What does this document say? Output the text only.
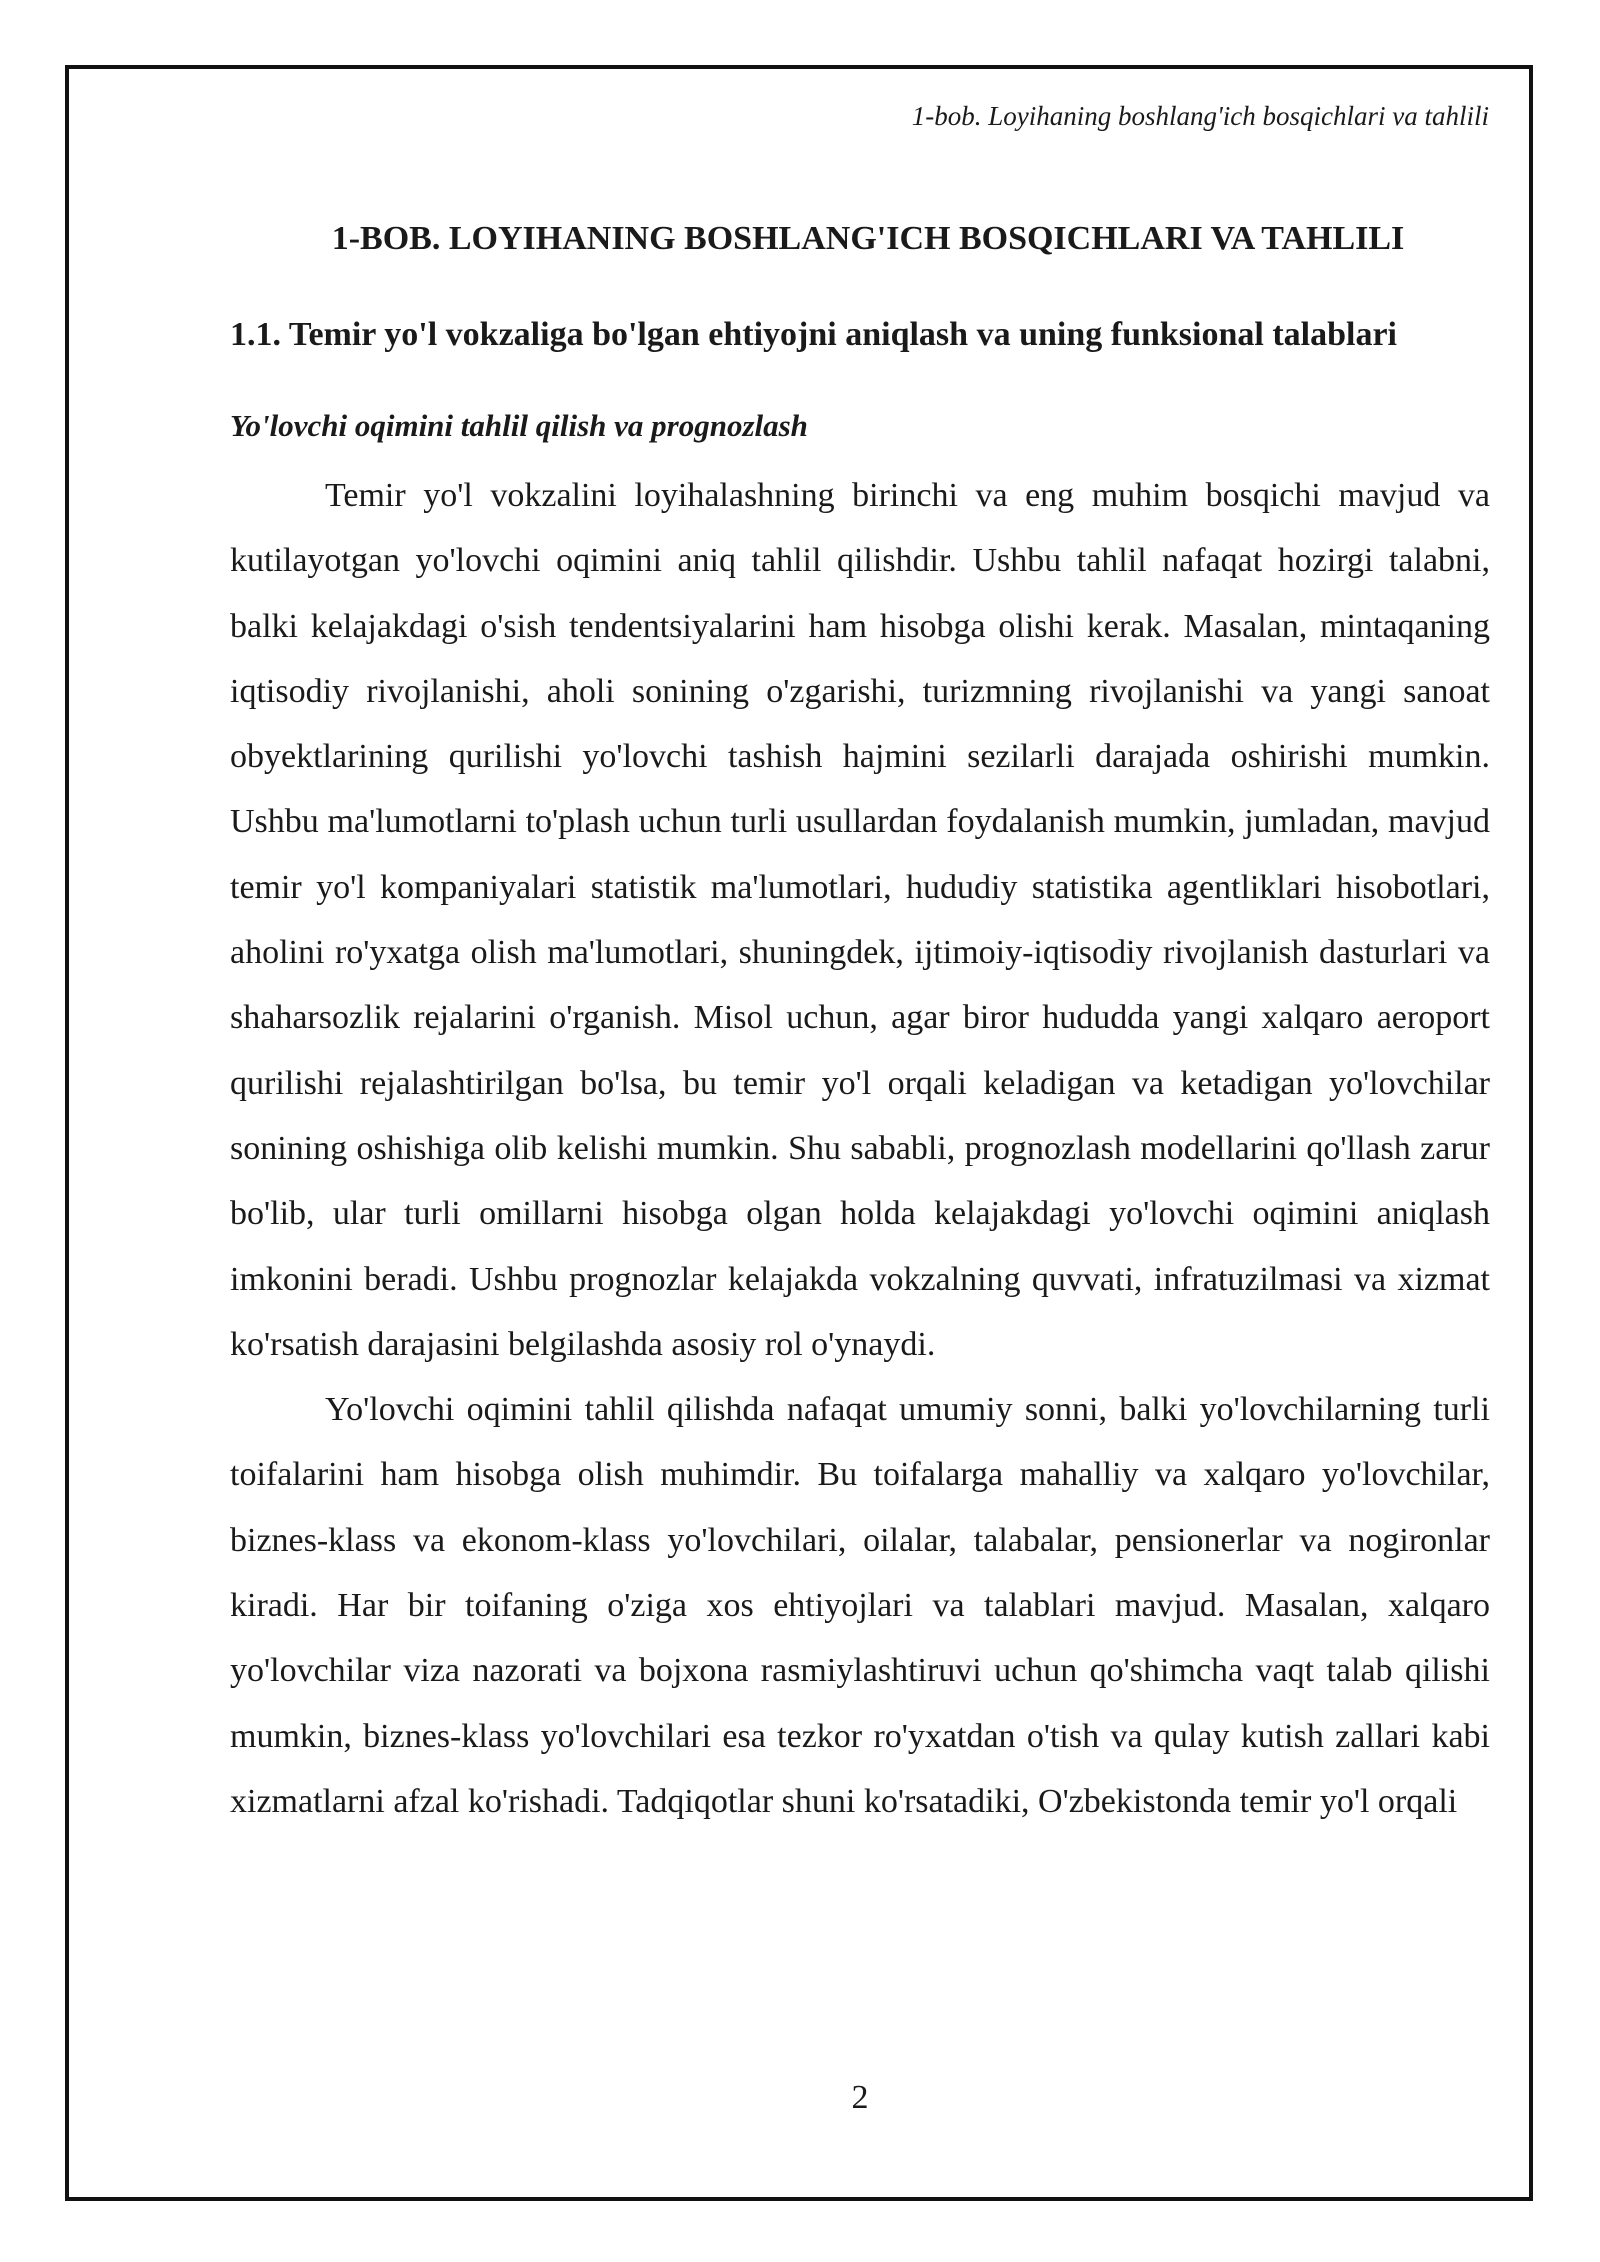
1-bob. Loyihaning boshlang'ich bosqichlari va tahlili
1-BOB. LOYIHANING BOSHLANG'ICH BOSQICHLARI VA TAHLILI
1.1. Temir yo'l vokzaliga bo'lgan ehtiyojni aniqlash va uning funksional talablari
Yo'lovchi oqimini tahlil qilish va prognozlash

Temir yo'l vokzalini loyihalashning birinchi va eng muhim bosqichi mavjud va kutilayotgan yo'lovchi oqimini aniq tahlil qilishdir. Ushbu tahlil nafaqat hozirgi talabni, balki kelajakdagi o'sish tendentsiyalarini ham hisobga olishi kerak. Masalan, mintaqaning iqtisodiy rivojlanishi, aholi sonining o'zgarishi, turizmning rivojlanishi va yangi sanoat obyektlarining qurilishi yo'lovchi tashish hajmini sezilarli darajada oshirishi mumkin. Ushbu ma'lumotlarni to'plash uchun turli usullardan foydalanish mumkin, jumladan, mavjud temir yo'l kompaniyalari statistik ma'lumotlari, hududiy statistika agentliklari hisobotlari, aholini ro'yxatga olish ma'lumotlari, shuningdek, ijtimoiy-iqtisodiy rivojlanish dasturlari va shaharsozlik rejalarini o'rganish. Misol uchun, agar biror hududda yangi xalqaro aeroport qurilishi rejalashtirilgan bo'lsa, bu temir yo'l orqali keladigan va ketadigan yo'lovchilar sonining oshishiga olib kelishi mumkin. Shu sababli, prognozlash modellarini qo'llash zarur bo'lib, ular turli omillarni hisobga olgan holda kelajakdagi yo'lovchi oqimini aniqlash imkonini beradi. Ushbu prognozlar kelajakda vokzalning quvvati, infratuzilmasi va xizmat ko'rsatish darajasini belgilashda asosiy rol o'ynaydi.

Yo'lovchi oqimini tahlil qilishda nafaqat umumiy sonni, balki yo'lovchilarning turli toifalarini ham hisobga olish muhimdir. Bu toifalarga mahalliy va xalqaro yo'lovchilar, biznes-klass va ekonom-klass yo'lovchilari, oilalar, talabalar, pensionerlar va nogironlar kiradi. Har bir toifaning o'ziga xos ehtiyojlari va talablari mavjud. Masalan, xalqaro yo'lovchilar viza nazorati va bojxona rasmiylashtiruvi uchun qo'shimcha vaqt talab qilishi mumkin, biznes-klass yo'lovchilari esa tezkor ro'yxatdan o'tish va qulay kutish zallari kabi xizmatlarni afzal ko'rishadi. Tadqiqotlar shuni ko'rsatadiki, O'zbekistonda temir yo'l orqali

2
